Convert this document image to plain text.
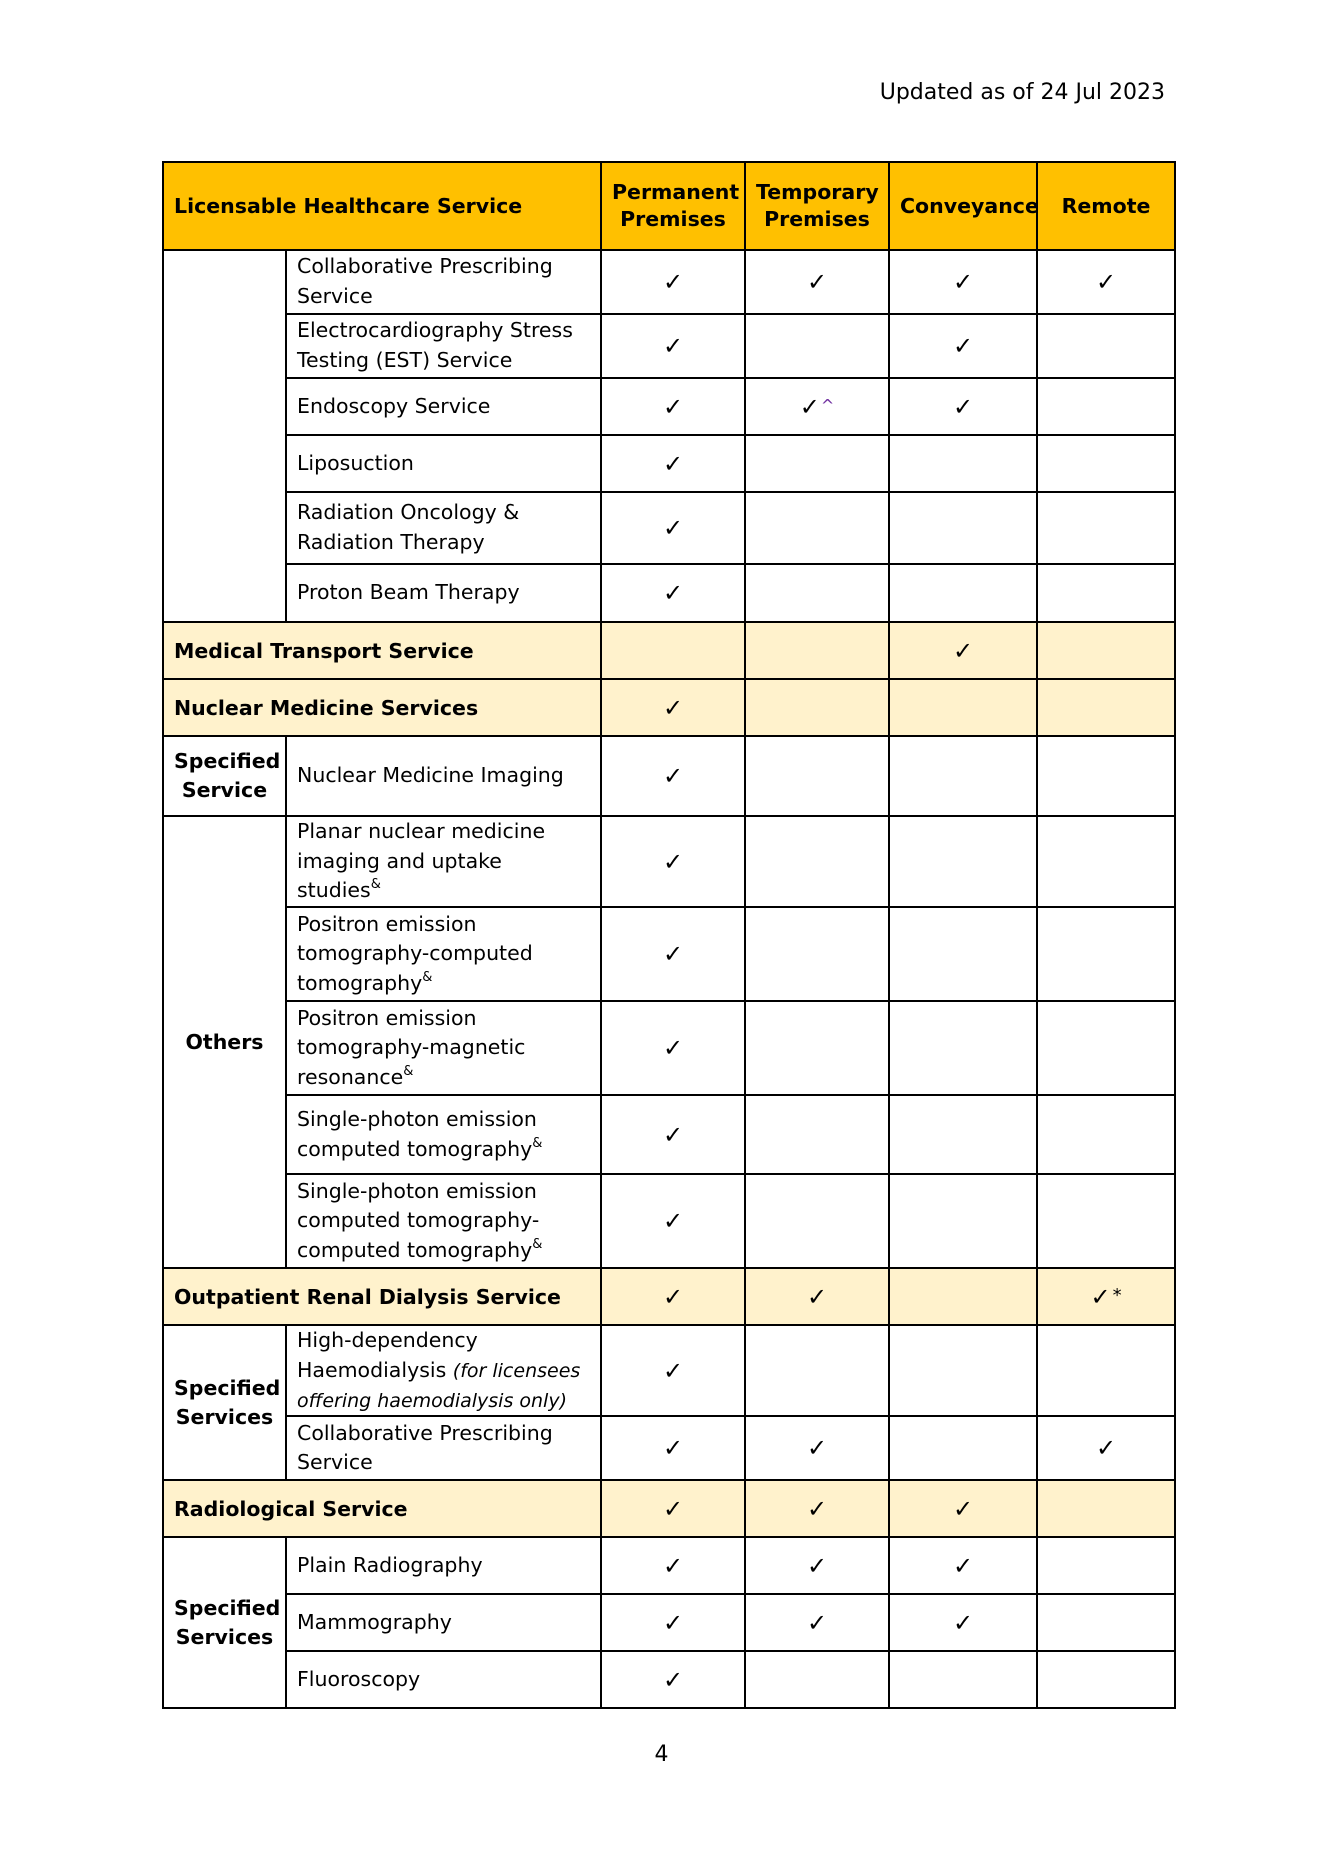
Updated as of 24 Jul 2023
Licensable Healthcare Service		Permanent Premises	Temporary Premises	Conveyance	Remote
	Collaborative Prescribing Service	✓	✓	✓	✓
	Electrocardiography Stress Testing (EST) Service	✓		✓	
	Endoscopy Service	✓	✓^	✓	
	Liposuction	✓			
	Radiation Oncology & Radiation Therapy	✓			
	Proton Beam Therapy	✓			
Medical Transport Service				✓	
Nuclear Medicine Services		✓			
Specified Service	Nuclear Medicine Imaging	✓			
Others	Planar nuclear medicine imaging and uptake studies&	✓			
	Positron emission tomography-computed tomography&	✓			
	Positron emission tomography-magnetic resonance&	✓			
	Single-photon emission computed tomography&	✓			
	Single-photon emission computed tomography-computed tomography&	✓			
Outpatient Renal Dialysis Service		✓	✓		✓ *
Specified Services	High-dependency Haemodialysis (for licensees offering haemodialysis only)	✓			
	Collaborative Prescribing Service	✓	✓		✓
Radiological Service		✓	✓	✓	
Specified Services	Plain Radiography	✓	✓	✓	
	Mammography	✓	✓	✓	
	Fluoroscopy	✓			
4
